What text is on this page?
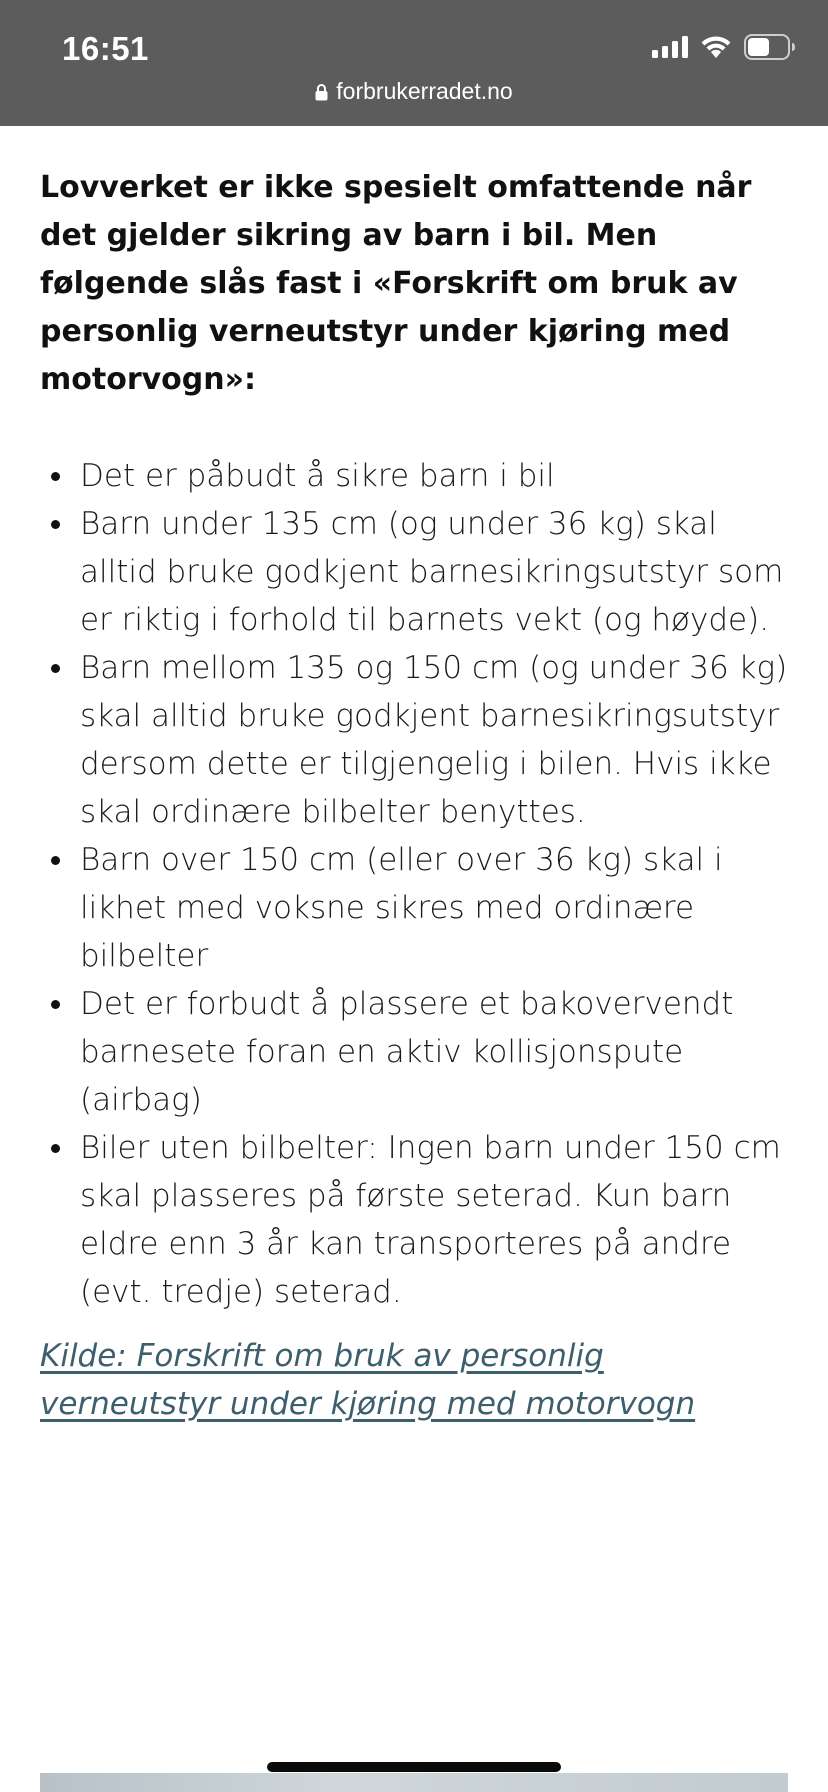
16:51
forbrukerradet.no

Lovverket er ikke spesielt omfattende når det gjelder sikring av barn i bil. Men følgende slås fast i «Forskrift om bruk av personlig verneutstyr under kjøring med motorvogn»:

Det er påbudt å sikre barn i bil
Barn under 135 cm (og under 36 kg) skal alltid bruke godkjent barnesikringsutstyr som er riktig i forhold til barnets vekt (og høyde).
Barn mellom 135 og 150 cm (og under 36 kg) skal alltid bruke godkjent barnesikringsutstyr dersom dette er tilgjengelig i bilen. Hvis ikke skal ordinære bilbelter benyttes.
Barn over 150 cm (eller over 36 kg) skal i likhet med voksne sikres med ordinære bilbelter
Det er forbudt å plassere et bakovervendt barnesete foran en aktiv kollisjonspute (airbag)
Biler uten bilbelter: Ingen barn under 150 cm skal plasseres på første seterad. Kun barn eldre enn 3 år kan transporteres på andre (evt. tredje) seterad.
Kilde: Forskrift om bruk av personlig verneutstyr under kjøring med motorvogn
